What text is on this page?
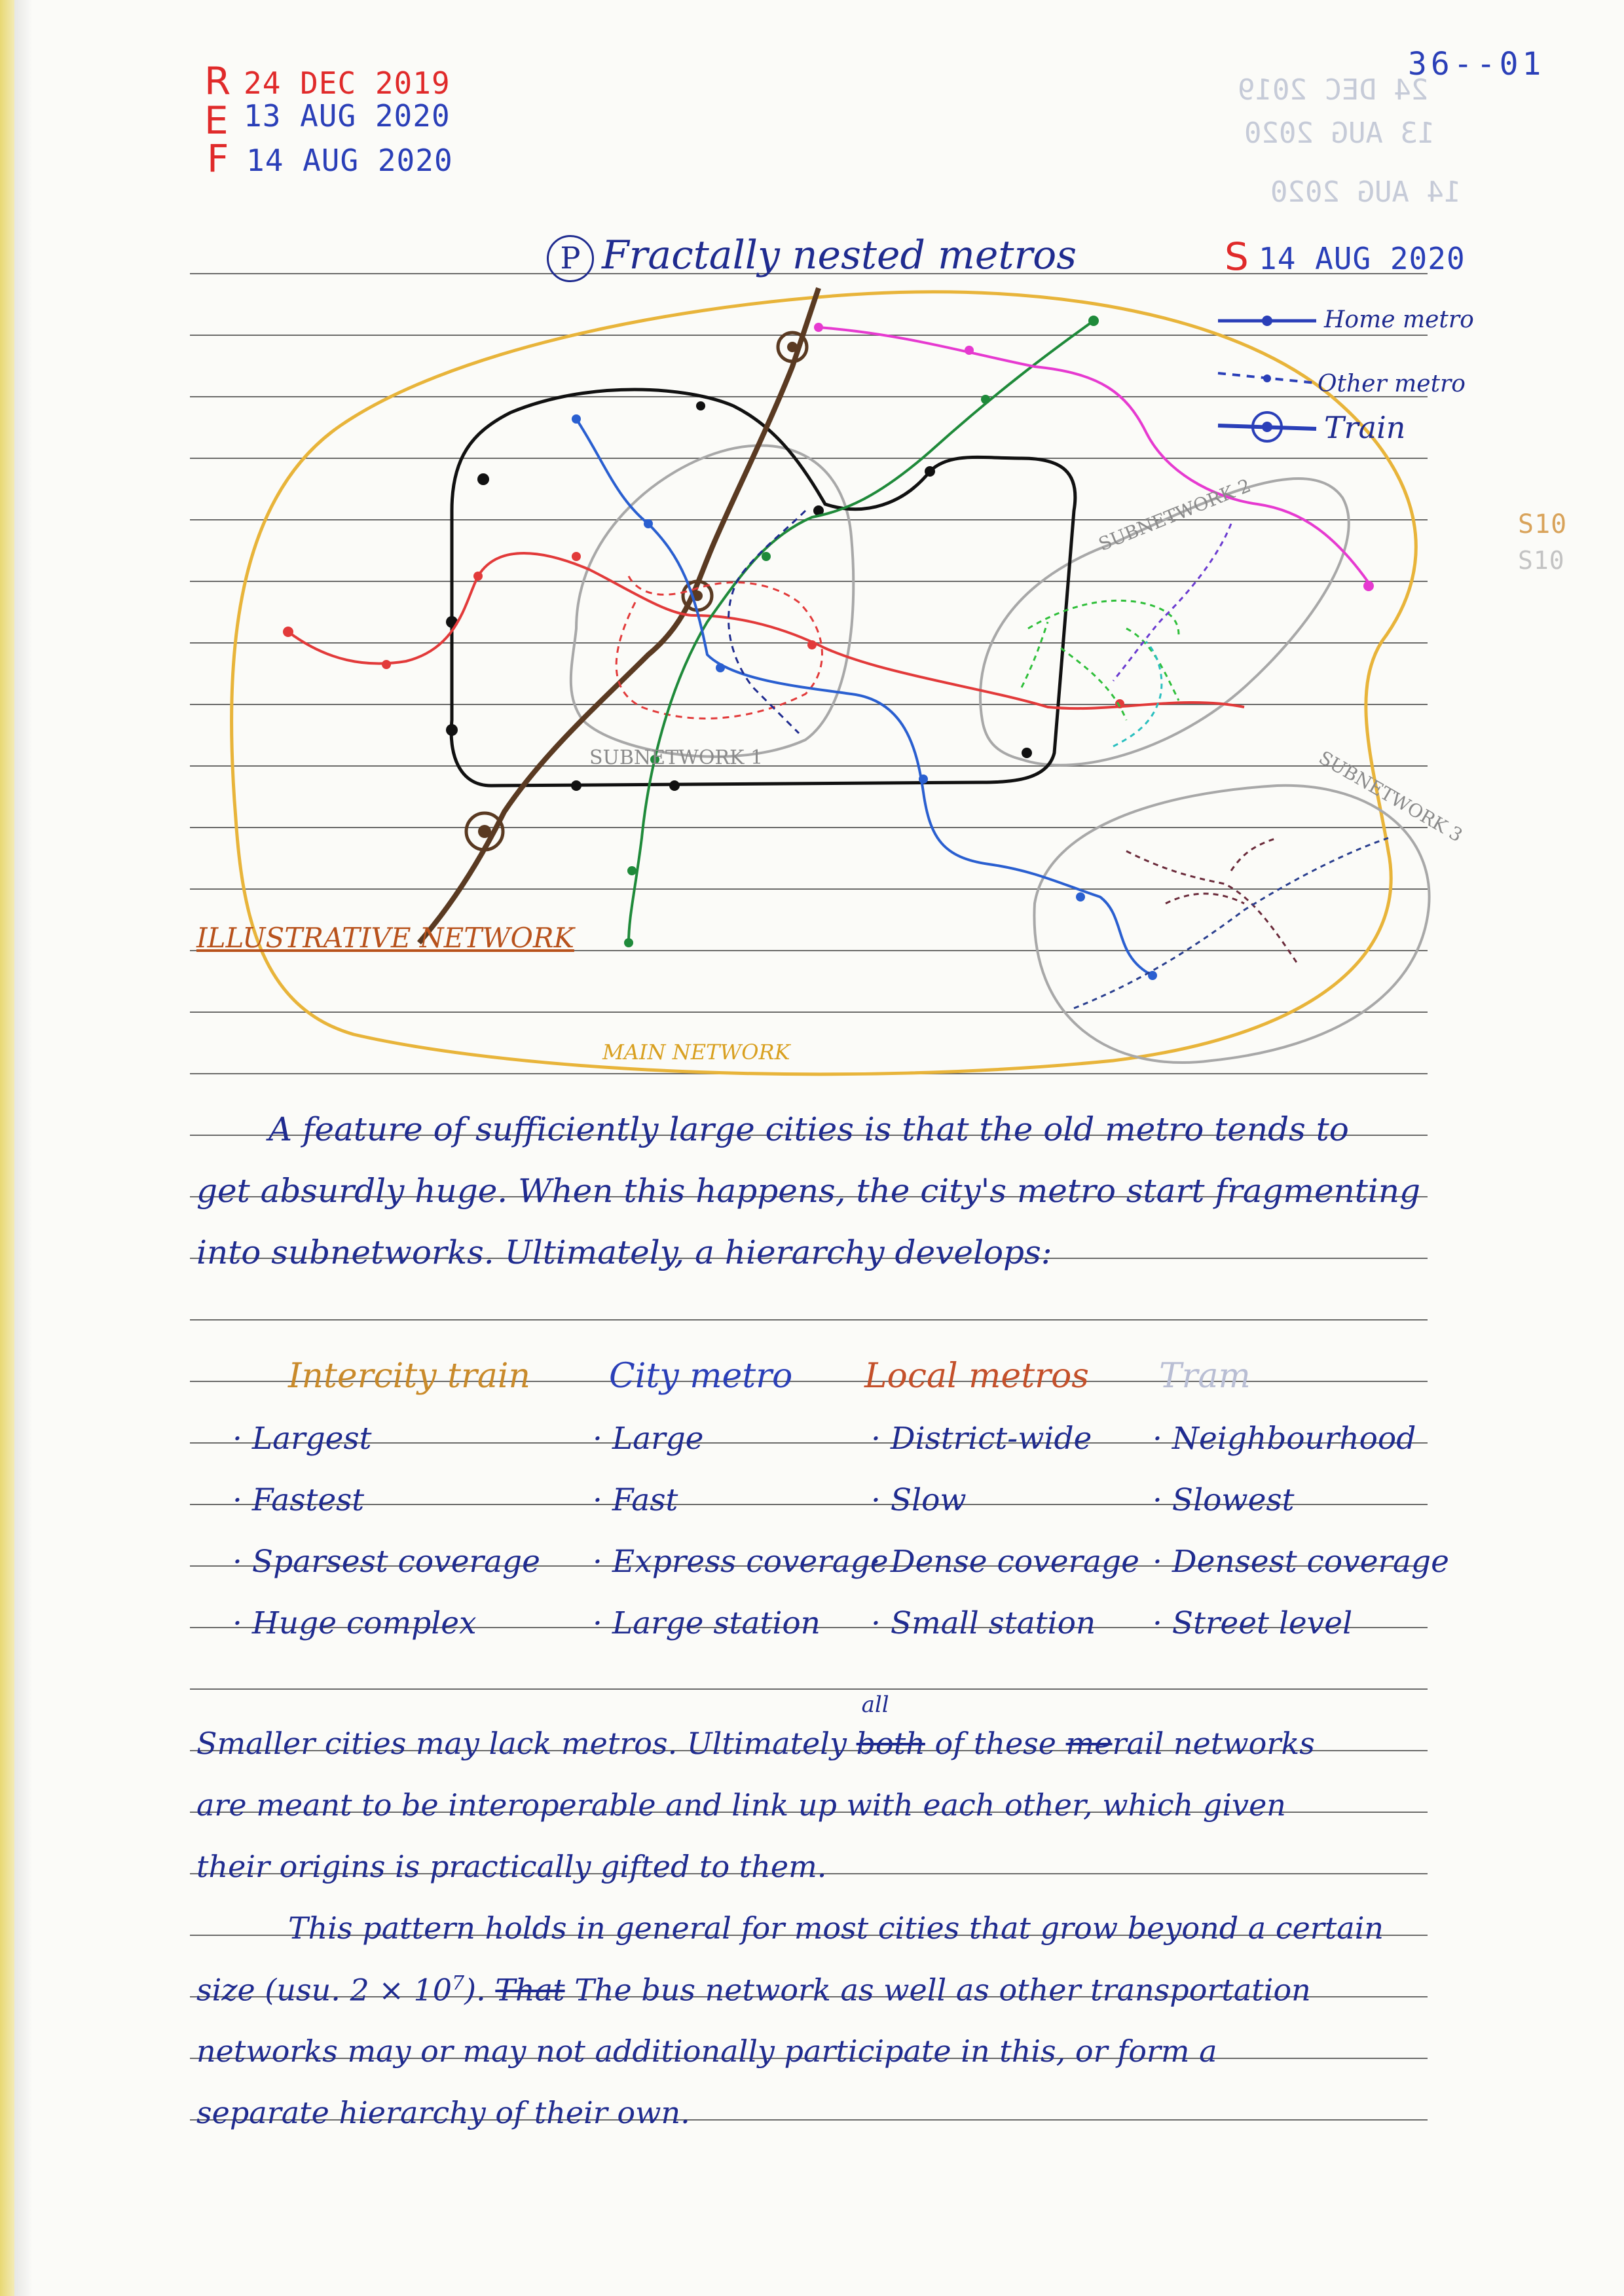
24 DEC 2019
13 AUG 2020
14 AUG 2020
R 24 DEC 2019
E 13 AUG 2020
F 14 AUG 2020
36--01
S 14 AUG 2020
S10
S10
P Fractally nested metros
Home metro
Other metro
Train
SUBNETWORK 1
SUBNETWORK 2
SUBNETWORK 3
ILLUSTRATIVE NETWORK
MAIN NETWORK
A feature of sufficiently large cities is that the old metro tends to
get absurdly huge. When this happens, the city's metro start fragmenting
into subnetworks. Ultimately, a hierarchy develops:
Intercity train City metro Local metros Tram
· Largest
· Fastest
· Sparsest coverage
· Huge complex
· Large
· Fast
· Express coverage
· Large station
· District-wide
· Slow
· Dense coverage
· Small station
· Neighbourhood
· Slowest
· Densest coverage
· Street level
Smaller cities may lack metros. Ultimately both
all
of these merail networks
are meant to be interoperable and link up with each other, which given
their origins is practically gifted to them.
This pattern holds in general for most cities that grow beyond a certain
size (usu. $2 \times 10^7$). That The bus network as well as other transportation
networks may or may not additionally participate in this, or form a
separate hierarchy of their own.
